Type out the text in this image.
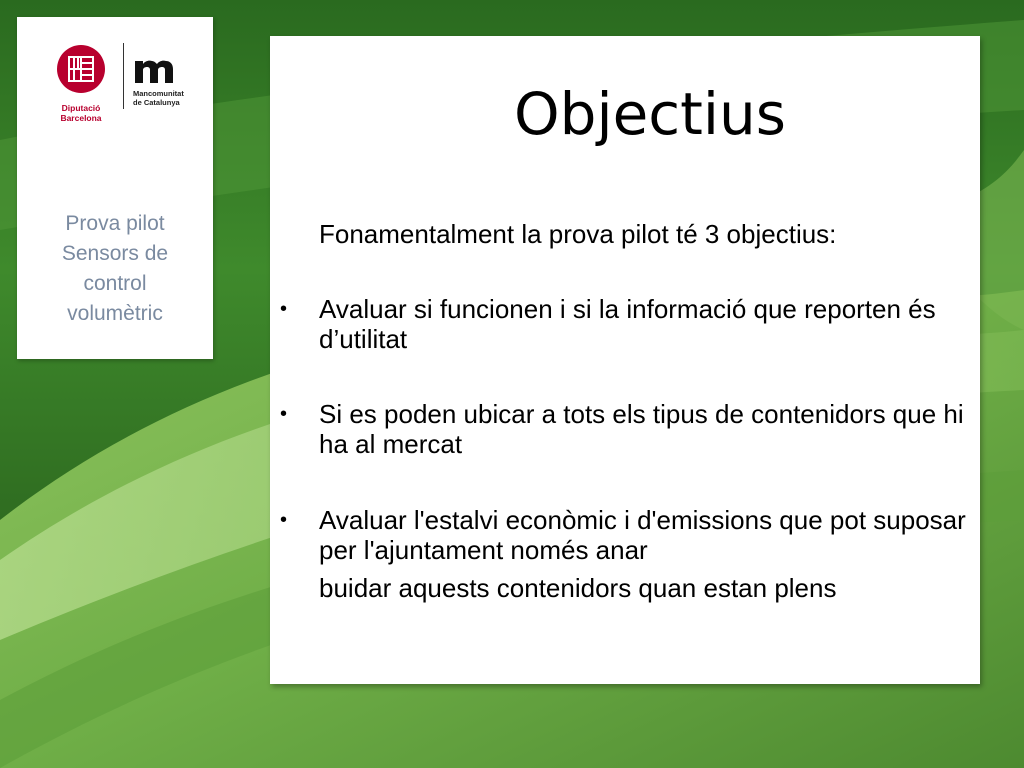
Diputació
Barcelona
Mancomunitat
de Catalunya
Prova pilot
Sensors de
control
volumètric
Objectius
Fonamentalment la prova pilot té 3 objectius:
• Avaluar si funcionen i si la informació que reporten és d’utilitat
• Si es poden ubicar a tots els tipus de contenidors que hi ha al mercat
• Avaluar l'estalvi econòmic i d'emissions que pot suposar per l'ajuntament només anar
buidar aquests contenidors quan estan plens
